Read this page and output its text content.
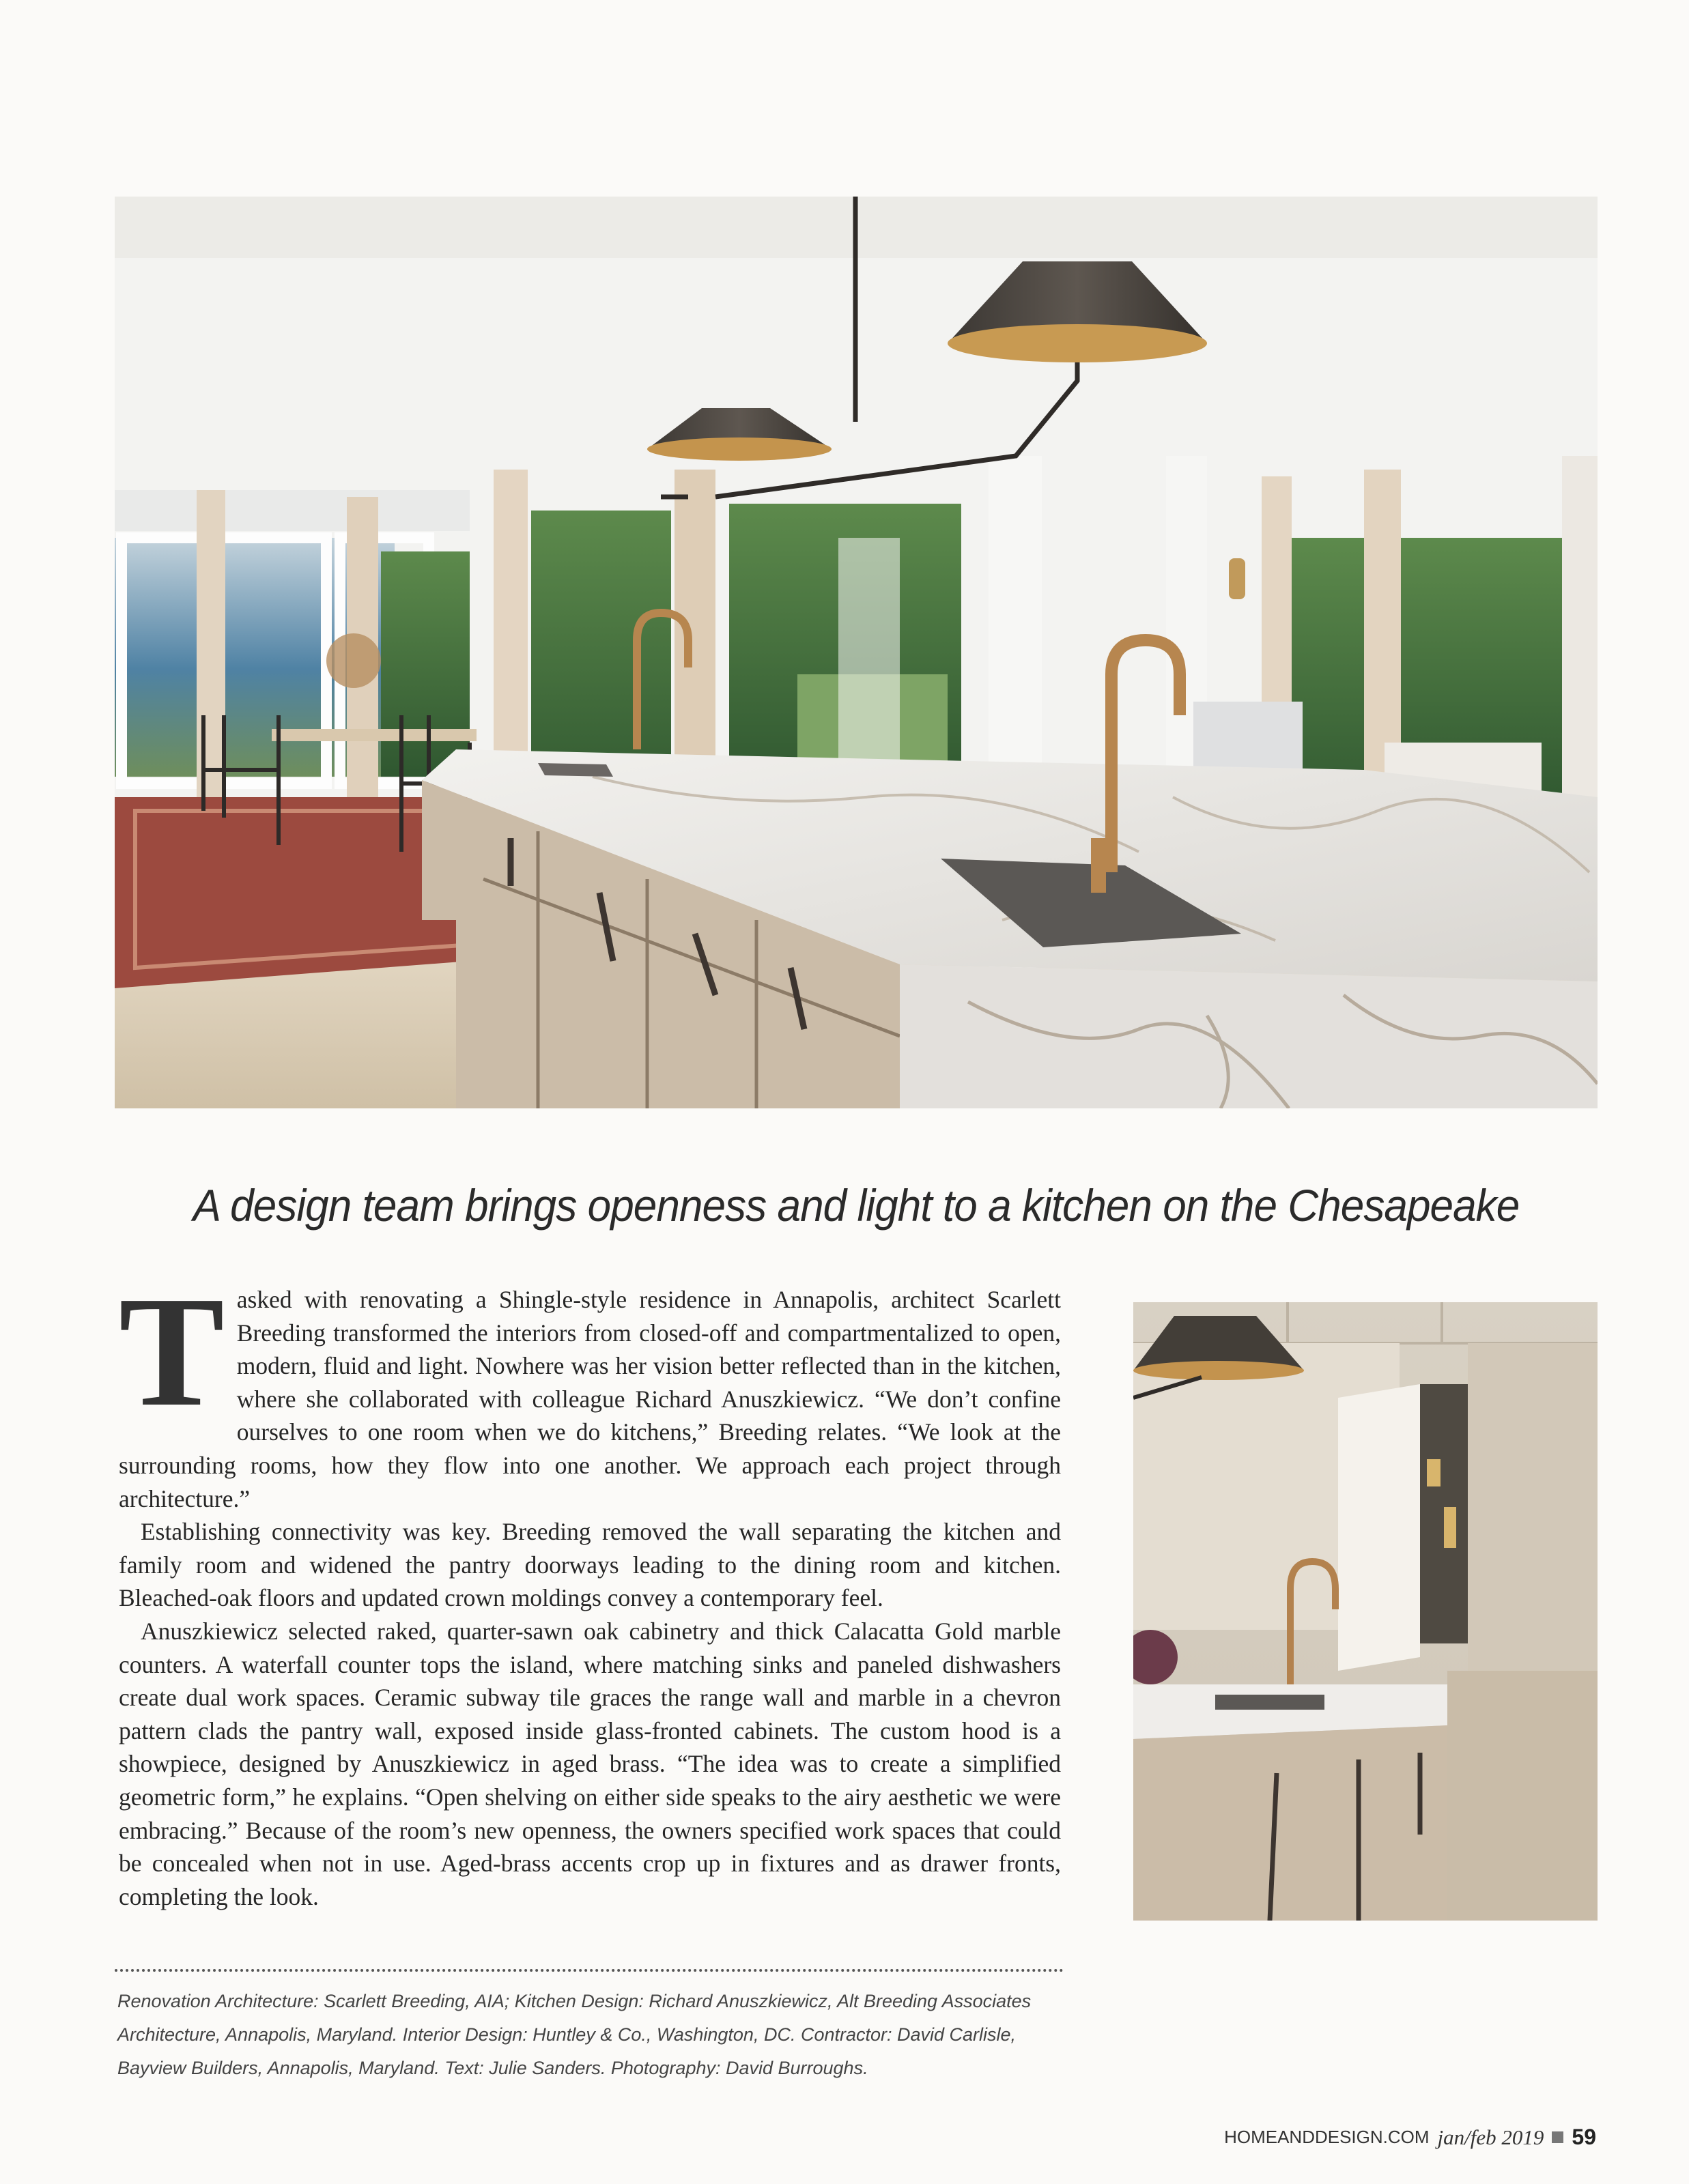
A design team brings openness and light to a kitchen on the Chesapeake
T asked with renovating a Shingle-style residence in Annapolis, architect Scarlett Breeding transformed the interiors from closed-off and compartmentalized to open, modern, fluid and light. Nowhere was her vision better reflected than in the kitchen, where she collaborated with colleague Richard Anuszkiewicz. “We don’t confine ourselves to one room when we do kitchens,” Breeding relates. “We look at the surrounding rooms, how they flow into one another. We approach each project through architecture.”

Establishing connectivity was key. Breeding removed the wall separating the kitchen and family room and widened the pantry doorways leading to the dining room and kitchen. Bleached-oak floors and updated crown moldings convey a contemporary feel.

Anuszkiewicz selected raked, quarter-sawn oak cabinetry and thick Calacatta Gold marble counters. A waterfall counter tops the island, where matching sinks and paneled dishwashers create dual work spaces. Ceramic subway tile graces the range wall and marble in a chevron pattern clads the pantry wall, exposed inside glass-fronted cabinets. The custom hood is a showpiece, designed by Anuszkiewicz in aged brass. “The idea was to create a simplified geometric form,” he explains. “Open shelving on either side speaks to the airy aesthetic we were embracing.” Because of the room’s new openness, the owners specified work spaces that could be concealed when not in use. Aged-brass accents crop up in fixtures and as drawer fronts, completing the look.

Renovation Architecture: Scarlett Breeding, AIA; Kitchen Design: Richard Anuszkiewicz, Alt Breeding Associates Architecture, Annapolis, Maryland. Interior Design: Huntley & Co., Washington, DC. Contractor: David Carlisle, Bayview Builders, Annapolis, Maryland. Text: Julie Sanders. Photography: David Burroughs.

HOMEANDDESIGN.COM jan/feb 2019 59
